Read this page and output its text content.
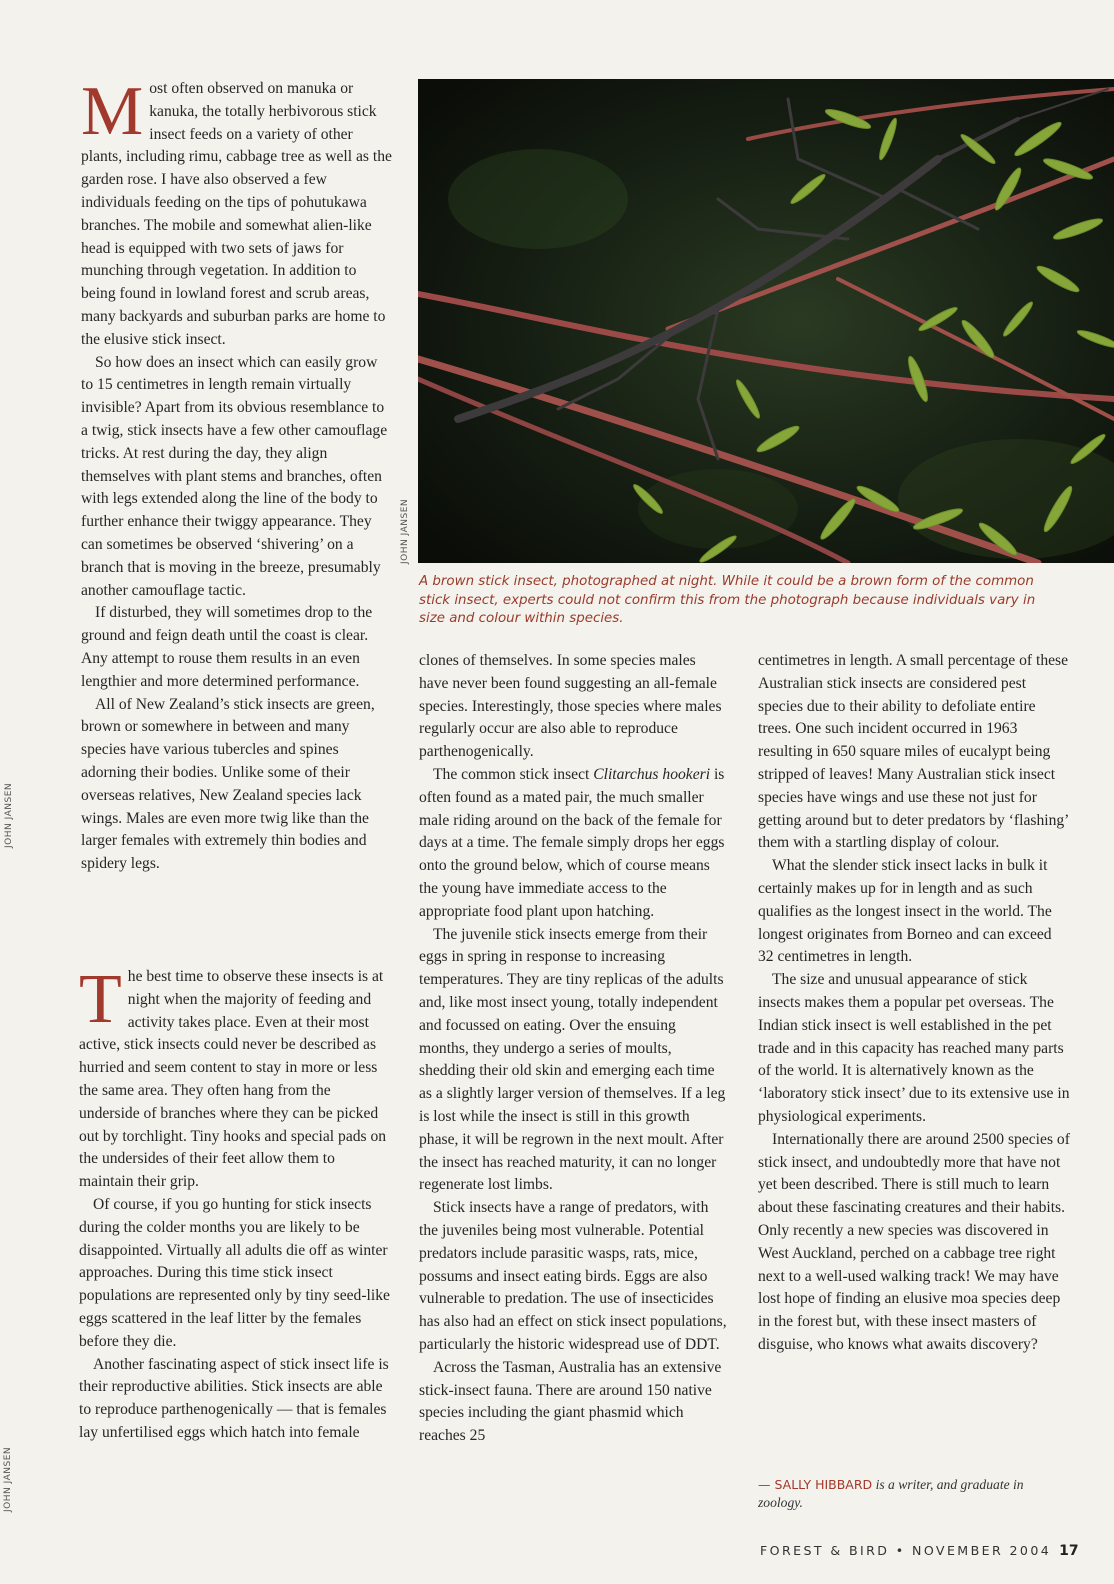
Most often observed on manuka or kanuka, the totally herbivorous stick insect feeds on a variety of other plants, including rimu, cabbage tree as well as the garden rose. I have also observed a few individuals feeding on the tips of pohutukawa branches. The mobile and somewhat alien-like head is equipped with two sets of jaws for munching through vegetation. In addition to being found in lowland forest and scrub areas, many backyards and suburban parks are home to the elusive stick insect.

So how does an insect which can easily grow to 15 centimetres in length remain virtually invisible? Apart from its obvious resemblance to a twig, stick insects have a few other camouflage tricks. At rest during the day, they align themselves with plant stems and branches, often with legs extended along the line of the body to further enhance their twiggy appearance. They can sometimes be observed ‘shivering’ on a branch that is moving in the breeze, presumably another camouflage tactic.

If disturbed, they will sometimes drop to the ground and feign death until the coast is clear. Any attempt to rouse them results in an even lengthier and more determined performance.

All of New Zealand’s stick insects are green, brown or somewhere in between and many species have various tubercles and spines adorning their bodies. Unlike some of their overseas relatives, New Zealand species lack wings. Males are even more twig like than the larger females with extremely thin bodies and spidery legs.

The best time to observe these insects is at night when the majority of feeding and activity takes place. Even at their most active, stick insects could never be described as hurried and seem content to stay in more or less the same area. They often hang from the underside of branches where they can be picked out by torchlight. Tiny hooks and special pads on the undersides of their feet allow them to maintain their grip.

Of course, if you go hunting for stick insects during the colder months you are likely to be disappointed. Virtually all adults die off as winter approaches. During this time stick insect populations are represented only by tiny seed-like eggs scattered in the leaf litter by the females before they die.

Another fascinating aspect of stick insect life is their reproductive abilities. Stick insects are able to reproduce parthenogenically — that is females lay unfertilised eggs which hatch into female

JOHN JANSEN
A brown stick insect, photographed at night. While it could be a brown form of the common stick insect, experts could not confirm this from the photograph because individuals vary in size and colour within species.

clones of themselves. In some species males have never been found suggesting an all-female species. Interestingly, those species where males regularly occur are also able to reproduce parthenogenically.

The common stick insect Clitarchus hookeri is often found as a mated pair, the much smaller male riding around on the back of the female for days at a time. The female simply drops her eggs onto the ground below, which of course means the young have immediate access to the appropriate food plant upon hatching.

The juvenile stick insects emerge from their eggs in spring in response to increasing temperatures. They are tiny replicas of the adults and, like most insect young, totally independent and focussed on eating. Over the ensuing months, they undergo a series of moults, shedding their old skin and emerging each time as a slightly larger version of themselves. If a leg is lost while the insect is still in this growth phase, it will be regrown in the next moult. After the insect has reached maturity, it can no longer regenerate lost limbs.

Stick insects have a range of predators, with the juveniles being most vulnerable. Potential predators include parasitic wasps, rats, mice, possums and insect eating birds. Eggs are also vulnerable to predation. The use of insecticides has also had an effect on stick insect populations, particularly the historic widespread use of DDT.

Across the Tasman, Australia has an extensive stick-insect fauna. There are around 150 native species including the giant phasmid which reaches 25

centimetres in length. A small percentage of these Australian stick insects are considered pest species due to their ability to defoliate entire trees. One such incident occurred in 1963 resulting in 650 square miles of eucalypt being stripped of leaves! Many Australian stick insect species have wings and use these not just for getting around but to deter predators by ‘flashing’ them with a startling display of colour.

What the slender stick insect lacks in bulk it certainly makes up for in length and as such qualifies as the longest insect in the world. The longest originates from Borneo and can exceed 32 centimetres in length.

The size and unusual appearance of stick insects makes them a popular pet overseas. The Indian stick insect is well established in the pet trade and in this capacity has reached many parts of the world. It is alternatively known as the ‘laboratory stick insect’ due to its extensive use in physiological experiments.

Internationally there are around 2500 species of stick insect, and undoubtedly more that have not yet been described. There is still much to learn about these fascinating creatures and their habits. Only recently a new species was discovered in West Auckland, perched on a cabbage tree right next to a well-used walking track! We may have lost hope of finding an elusive moa species deep in the forest but, with these insect masters of disguise, who knows what awaits discovery?

— SALLY HIBBARD is a writer, and graduate in zoology.
JOHN JANSEN
JOHN JANSEN
FOREST & BIRD • NOVEMBER 2004 17
